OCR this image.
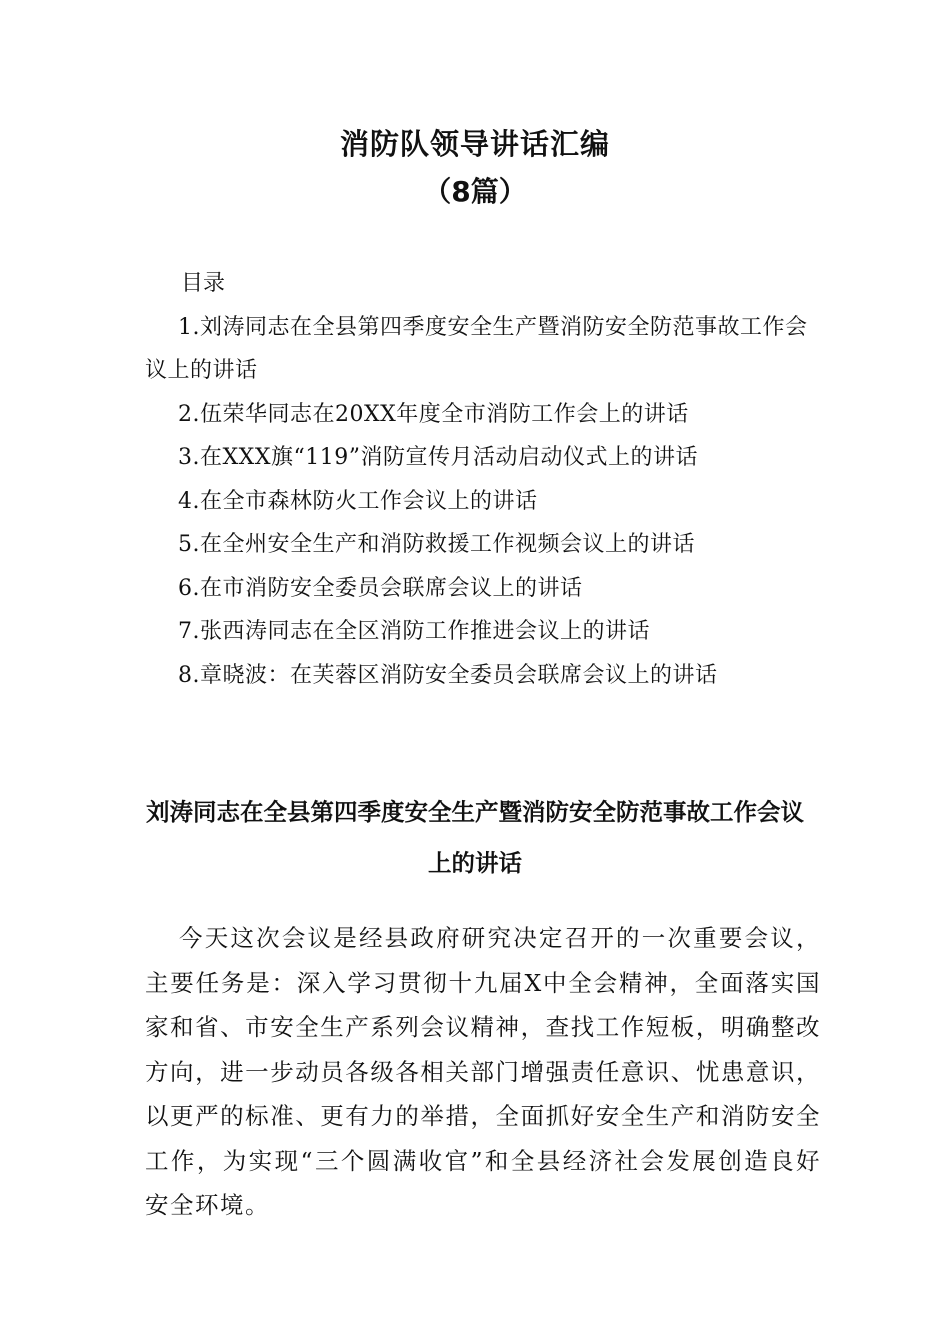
消防队领导讲话汇编
（8篇）
目录
1.刘涛同志在全县第四季度安全生产暨消防安全防范事故工作会议上的讲话
2.伍荣华同志在20XX年度全市消防工作会上的讲话
3.在XXX旗“119”消防宣传月活动启动仪式上的讲话
4.在全市森林防火工作会议上的讲话
5.在全州安全生产和消防救援工作视频会议上的讲话
6.在市消防安全委员会联席会议上的讲话
7.张西涛同志在全区消防工作推进会议上的讲话
8.章晓波：在芙蓉区消防安全委员会联席会议上的讲话
刘涛同志在全县第四季度安全生产暨消防安全防范事故工作会议上的讲话
今天这次会议是经县政府研究决定召开的一次重要会议，主要任务是：深入学习贯彻十九届X中全会精神，全面落实国家和省、市安全生产系列会议精神，查找工作短板，明确整改方向，进一步动员各级各相关部门增强责任意识、忧患意识，以更严的标准、更有力的举措，全面抓好安全生产和消防安全工作，为实现“三个圆满收官”和全县经济社会发展创造良好安全环境。
